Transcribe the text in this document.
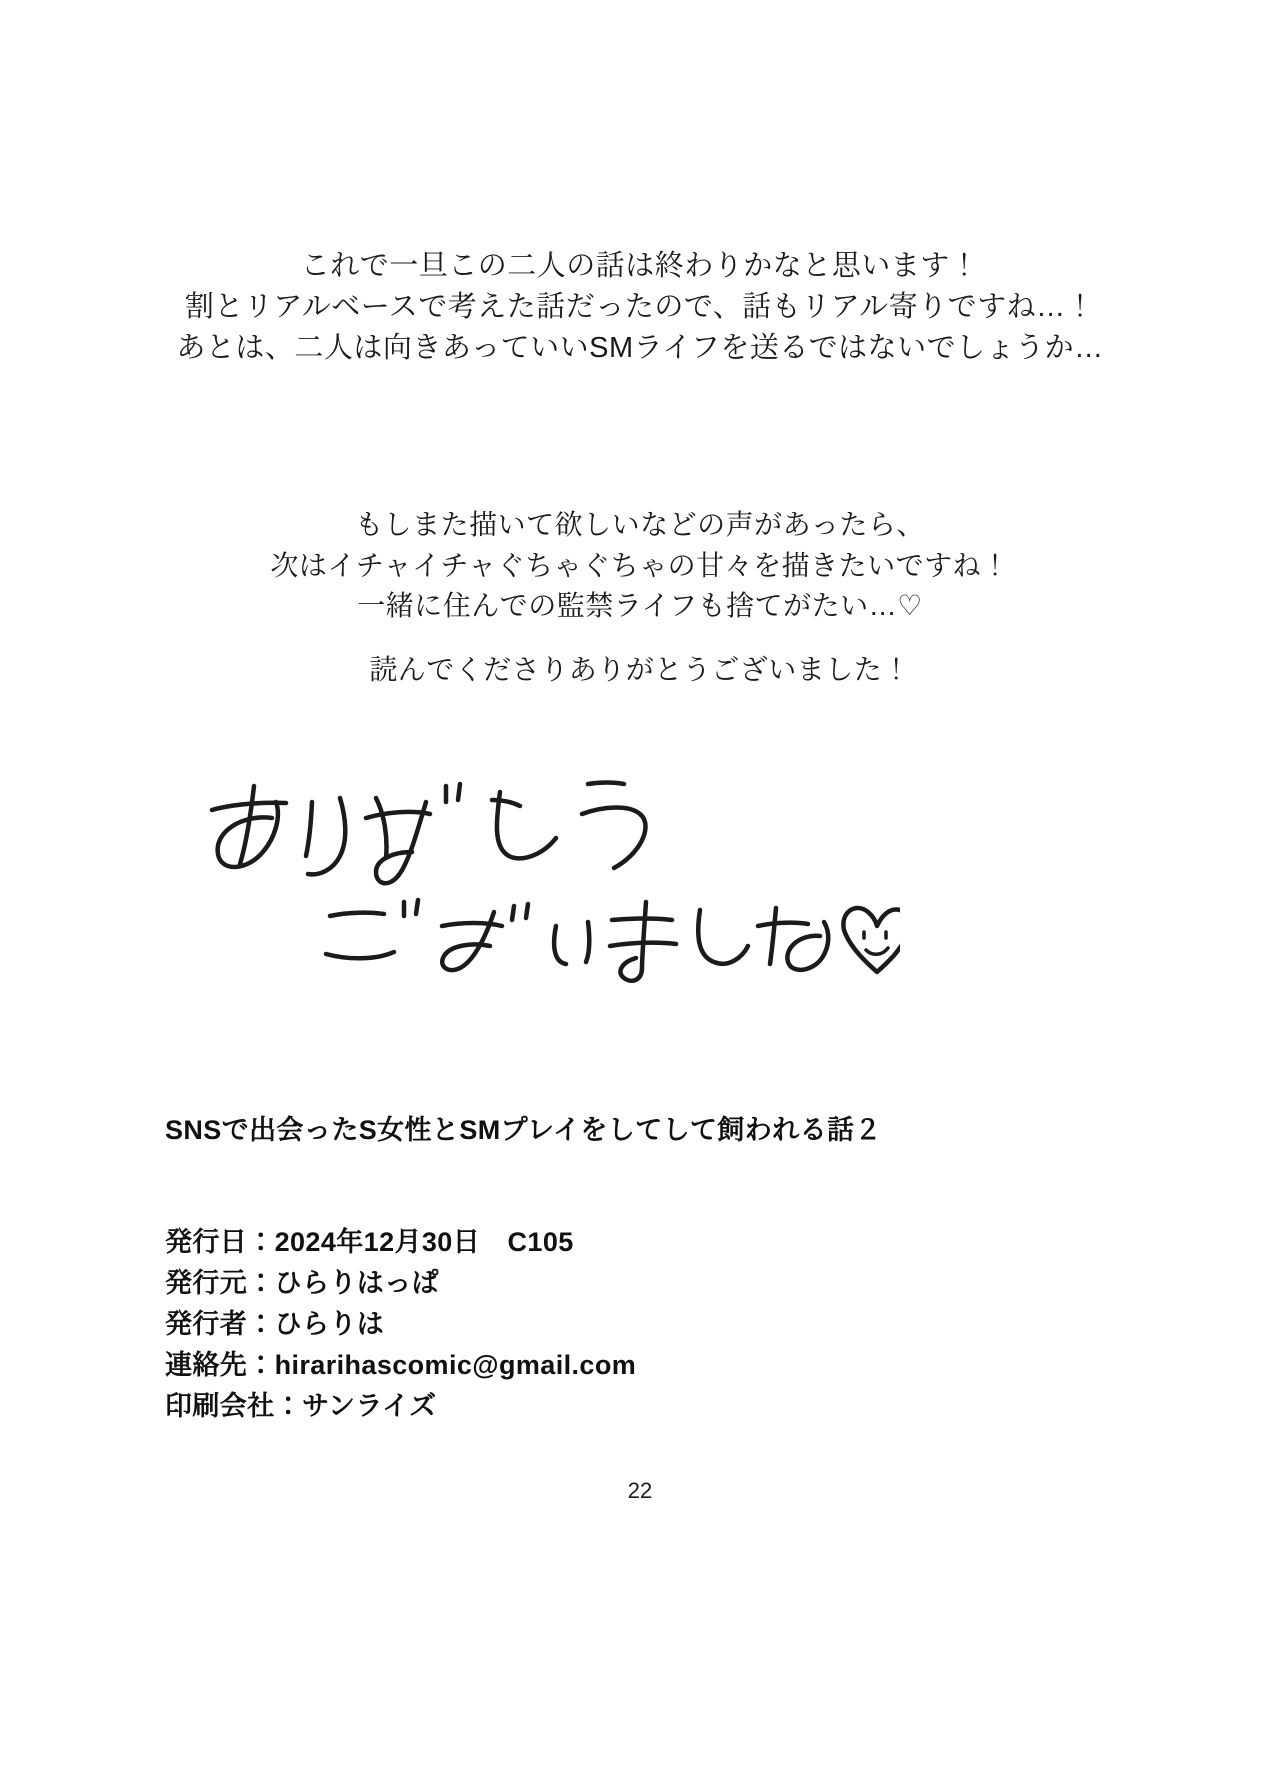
これで一旦この二人の話は終わりかなと思います！
割とリアルベースで考えた話だったので、話もリアル寄りですね…！
あとは、二人は向きあっていいSMライフを送るではないでしょうか…
もしまた描いて欲しいなどの声があったら、
次はイチャイチャぐちゃぐちゃの甘々を描きたいですね！
一緒に住んでの監禁ライフも捨てがたい…♡
読んでくださりありがとうございました！
SNSで出会ったS女性とSMプレイをしてして飼われる話２
発行日：2024年12月30日　C105
発行元：ひらりはっぱ
発行者：ひらりは
連絡先：hirarihascomic@gmail.com
印刷会社：サンライズ
22
